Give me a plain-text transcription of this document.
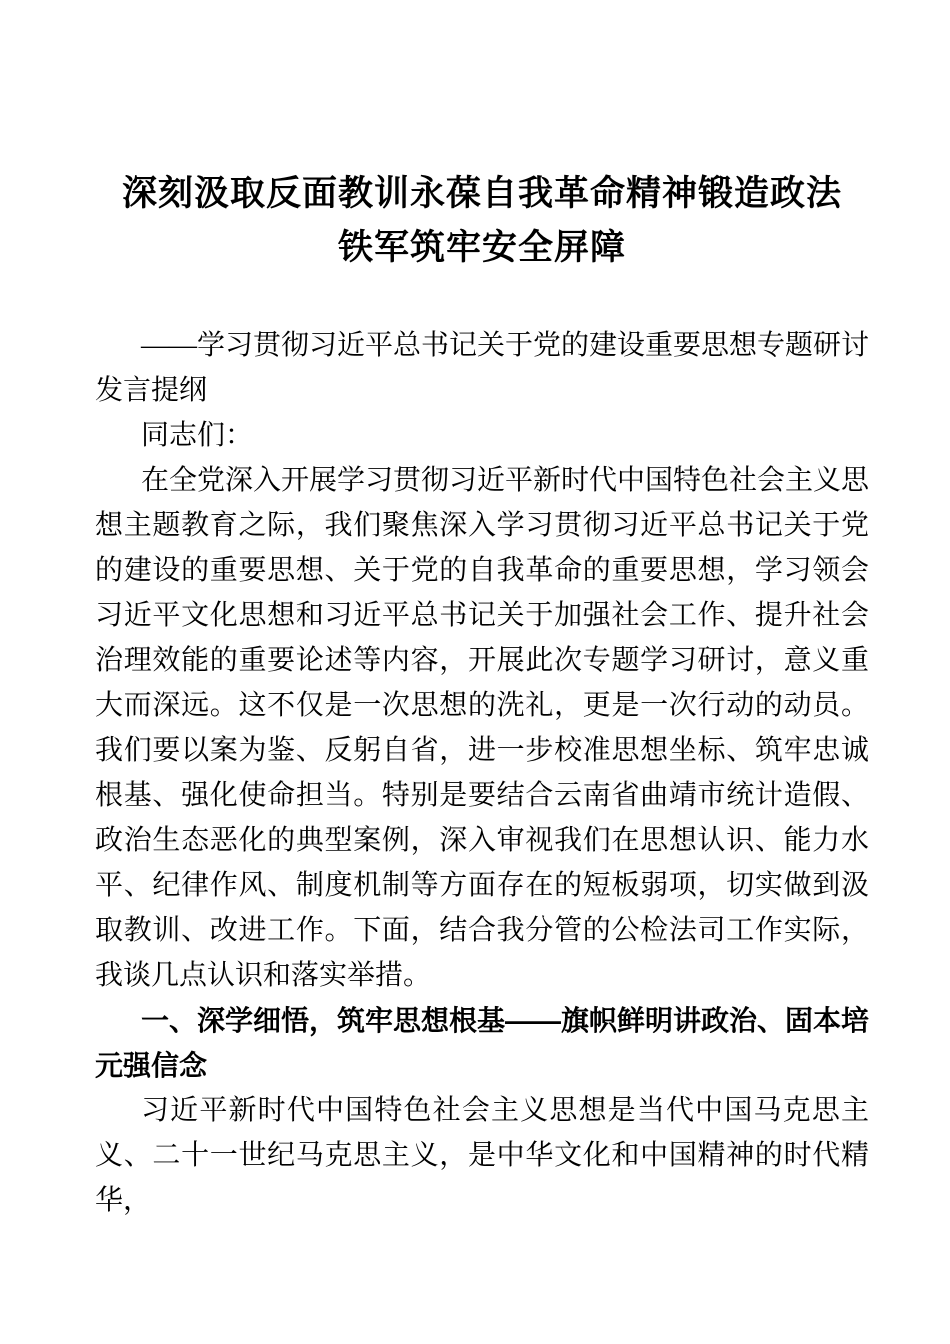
深刻汲取反面教训永葆自我革命精神锻造政法
铁军筑牢安全屏障

——学习贯彻习近平总书记关于党的建设重要思想专题研讨发言提纲

同志们：

在全党深入开展学习贯彻习近平新时代中国特色社会主义思想主题教育之际，我们聚焦深入学习贯彻习近平总书记关于党的建设的重要思想、关于党的自我革命的重要思想，学习领会习近平文化思想和习近平总书记关于加强社会工作、提升社会治理效能的重要论述等内容，开展此次专题学习研讨，意义重大而深远。这不仅是一次思想的洗礼，更是一次行动的动员。我们要以案为鉴、反躬自省，进一步校准思想坐标、筑牢忠诚根基、强化使命担当。特别是要结合云南省曲靖市统计造假、政治生态恶化的典型案例，深入审视我们在思想认识、能力水平、纪律作风、制度机制等方面存在的短板弱项，切实做到汲取教训、改进工作。下面，结合我分管的公检法司工作实际，我谈几点认识和落实举措。

一、深学细悟，筑牢思想根基——旗帜鲜明讲政治、固本培元强信念

习近平新时代中国特色社会主义思想是当代中国马克思主义、二十一世纪马克思主义，是中华文化和中国精神的时代精华，
